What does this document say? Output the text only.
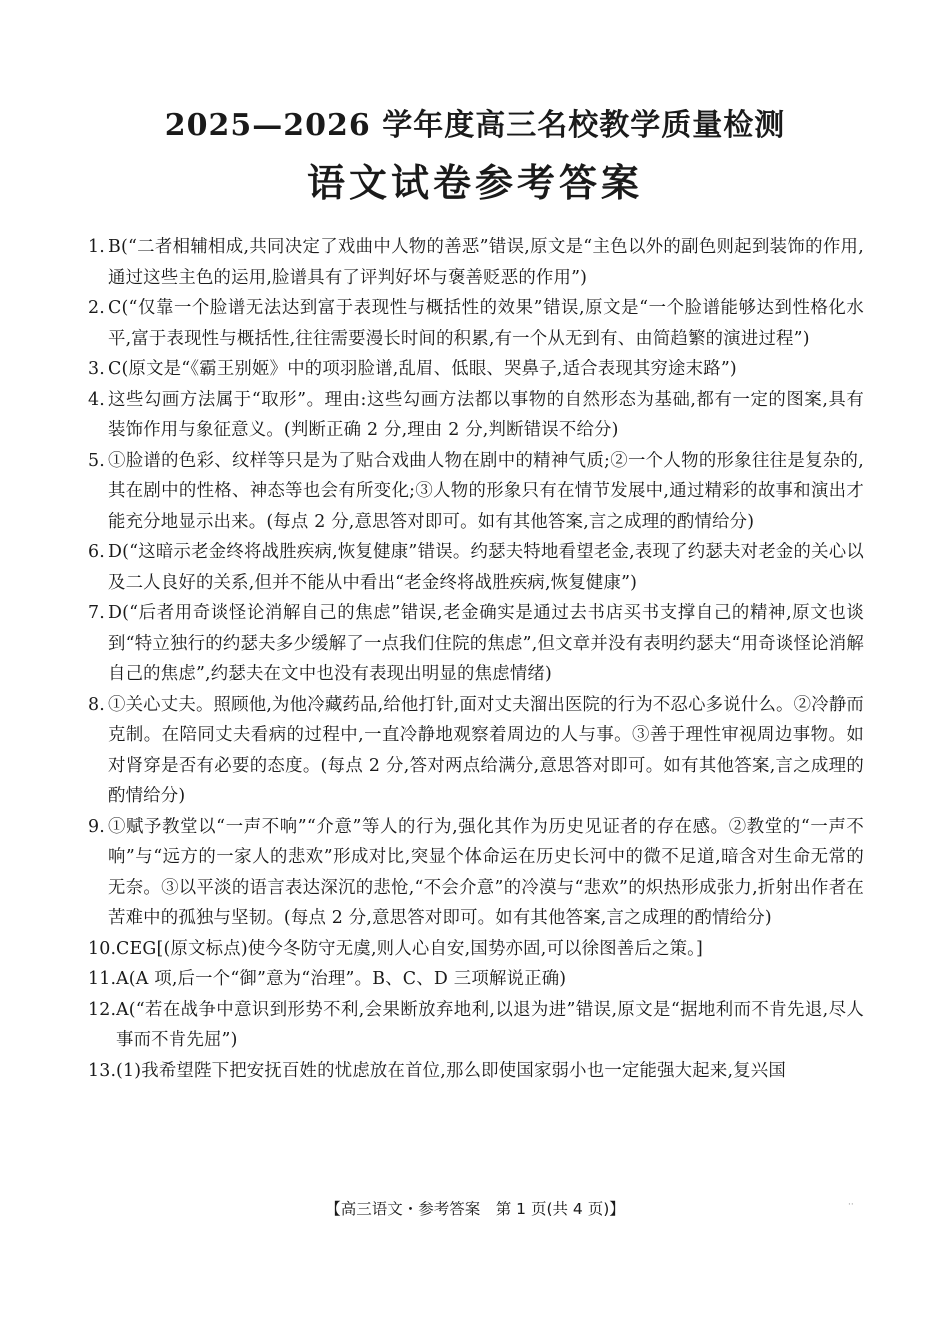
2025—2026 学年度高三名校教学质量检测
语文试卷参考答案
1. B(“二者相辅相成,共同决定了戏曲中人物的善恶”错误,原文是“主色以外的副色则起到装饰的作用,通过这些主色的运用,脸谱具有了评判好坏与褒善贬恶的作用”)
2. C(“仅靠一个脸谱无法达到富于表现性与概括性的效果”错误,原文是“一个脸谱能够达到性格化水平,富于表现性与概括性,往往需要漫长时间的积累,有一个从无到有、由简趋繁的演进过程”)
3. C(原文是“《霸王别姬》中的项羽脸谱,乱眉、低眼、哭鼻子,适合表现其穷途末路”)
4. 这些勾画方法属于“取形”。理由:这些勾画方法都以事物的自然形态为基础,都有一定的图案,具有装饰作用与象征意义。(判断正确 2 分,理由 2 分,判断错误不给分)
5. ①脸谱的色彩、纹样等只是为了贴合戏曲人物在剧中的精神气质;②一个人物的形象往往是复杂的,其在剧中的性格、神态等也会有所变化;③人物的形象只有在情节发展中,通过精彩的故事和演出才能充分地显示出来。(每点 2 分,意思答对即可。如有其他答案,言之成理的酌情给分)
6. D(“这暗示老金终将战胜疾病,恢复健康”错误。约瑟夫特地看望老金,表现了约瑟夫对老金的关心以及二人良好的关系,但并不能从中看出“老金终将战胜疾病,恢复健康”)
7. D(“后者用奇谈怪论消解自己的焦虑”错误,老金确实是通过去书店买书支撑自己的精神,原文也谈到“特立独行的约瑟夫多少缓解了一点我们住院的焦虑”,但文章并没有表明约瑟夫“用奇谈怪论消解自己的焦虑”,约瑟夫在文中也没有表现出明显的焦虑情绪)
8. ①关心丈夫。照顾他,为他冷藏药品,给他打针,面对丈夫溜出医院的行为不忍心多说什么。②冷静而克制。在陪同丈夫看病的过程中,一直冷静地观察着周边的人与事。③善于理性审视周边事物。如对肾穿是否有必要的态度。(每点 2 分,答对两点给满分,意思答对即可。如有其他答案,言之成理的酌情给分)
9. ①赋予教堂以“一声不响”“介意”等人的行为,强化其作为历史见证者的存在感。②教堂的“一声不响”与“远方的一家人的悲欢”形成对比,突显个体命运在历史长河中的微不足道,暗含对生命无常的无奈。③以平淡的语言表达深沉的悲怆,“不会介意”的冷漠与“悲欢”的炽热形成张力,折射出作者在苦难中的孤独与坚韧。(每点 2 分,意思答对即可。如有其他答案,言之成理的酌情给分)
10. CEG[(原文标点)使今冬防守无虞,则人心自安,国势亦固,可以徐图善后之策。]
11. A(A 项,后一个“御”意为“治理”。B、C、D 三项解说正确)
12. A(“若在战争中意识到形势不利,会果断放弃地利,以退为进”错误,原文是“据地利而不肯先退,尽人事而不肯先屈”)
13. (1)我希望陛下把安抚百姓的忧虑放在首位,那么即使国家弱小也一定能强大起来,复兴国
【高三语文・参考答案　第 1 页(共 4 页)】	··
